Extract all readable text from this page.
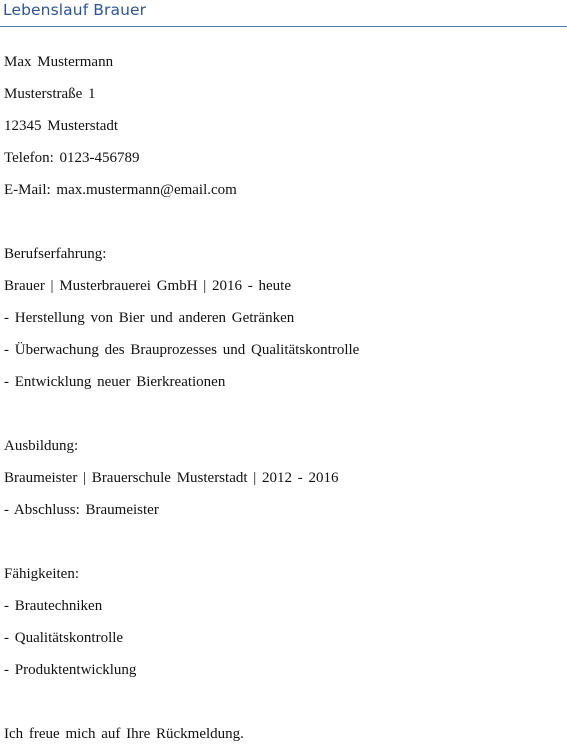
Lebenslauf Brauer
Max Mustermann
Musterstraße 1
12345 Musterstadt
Telefon: 0123-456789
E-Mail: max.mustermann@email.com
Berufserfahrung:
Brauer | Musterbrauerei GmbH | 2016 - heute
- Herstellung von Bier und anderen Getränken
- Überwachung des Brauprozesses und Qualitätskontrolle
- Entwicklung neuer Bierkreationen
Ausbildung:
Braumeister | Brauerschule Musterstadt | 2012 - 2016
- Abschluss: Braumeister
Fähigkeiten:
- Brautechniken
- Qualitätskontrolle
- Produktentwicklung
Ich freue mich auf Ihre Rückmeldung.
